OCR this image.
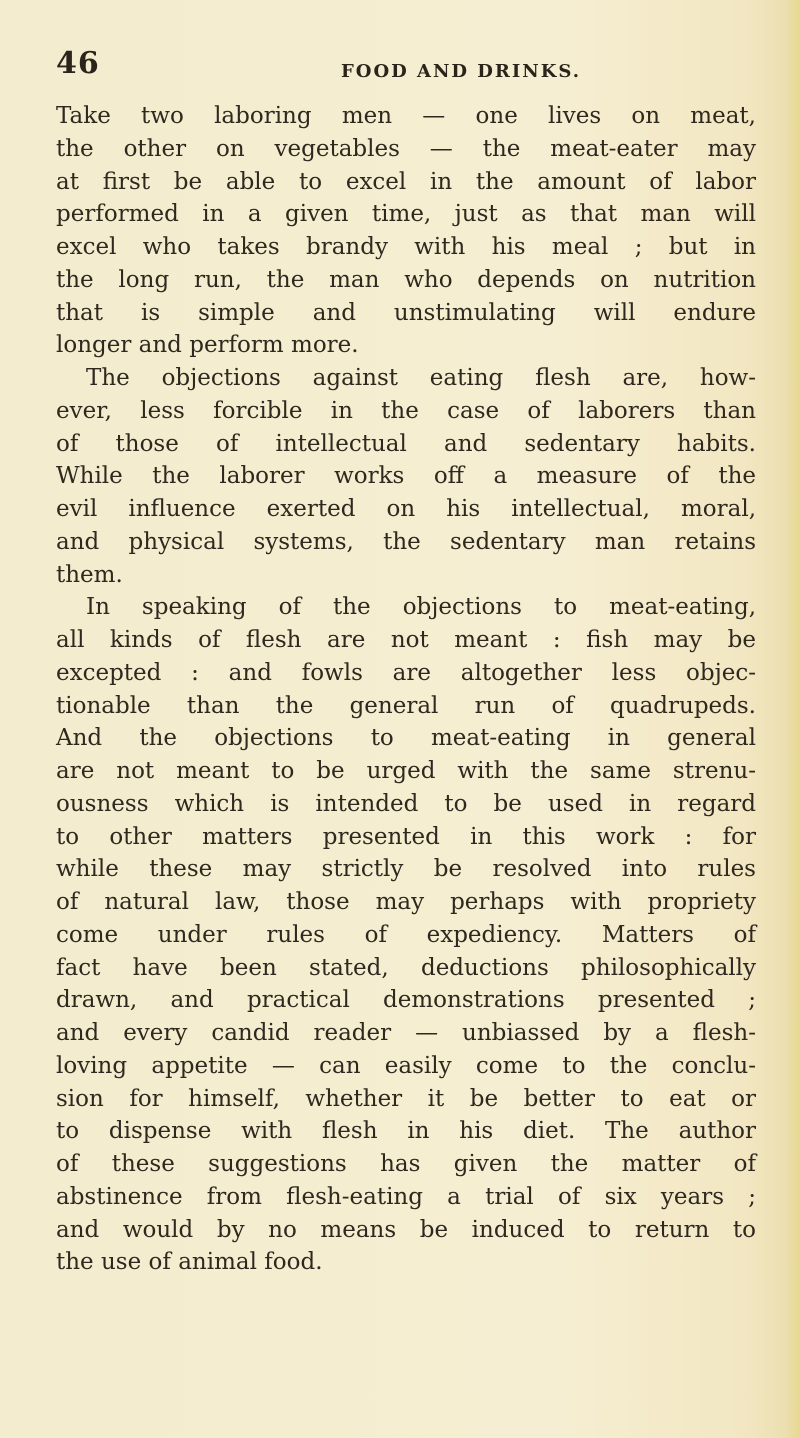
46	FOOD AND DRINKS.
Take two laboring men — one lives on meat,
the other on vegetables — the meat-eater may
at first be able to excel in the amount of labor
performed in a given time, just as that man will
excel who takes brandy with his meal ; but in
the long run, the man who depends on nutrition
that is simple and unstimulating will endure
longer and perform more.
The objections against eating flesh are, how-
ever, less forcible in the case of laborers than
of those of intellectual and sedentary habits.
While the laborer works off a measure of the
evil influence exerted on his intellectual, moral,
and physical systems, the sedentary man retains
them.
In speaking of the objections to meat-eating,
all kinds of flesh are not meant : fish may be
excepted : and fowls are altogether less objec-
tionable than the general run of quadrupeds.
And the objections to meat-eating in general
are not meant to be urged with the same strenu-
ousness which is intended to be used in regard
to other matters presented in this work : for
while these may strictly be resolved into rules
of natural law, those may perhaps with propriety
come under rules of expediency. Matters of
fact have been stated, deductions philosophically
drawn, and practical demonstrations presented ;
and every candid reader — unbiassed by a flesh-
loving appetite — can easily come to the conclu-
sion for himself, whether it be better to eat or
to dispense with flesh in his diet. The author
of these suggestions has given the matter of
abstinence from flesh-eating a trial of six years ;
and would by no means be induced to return to
the use of animal food.
